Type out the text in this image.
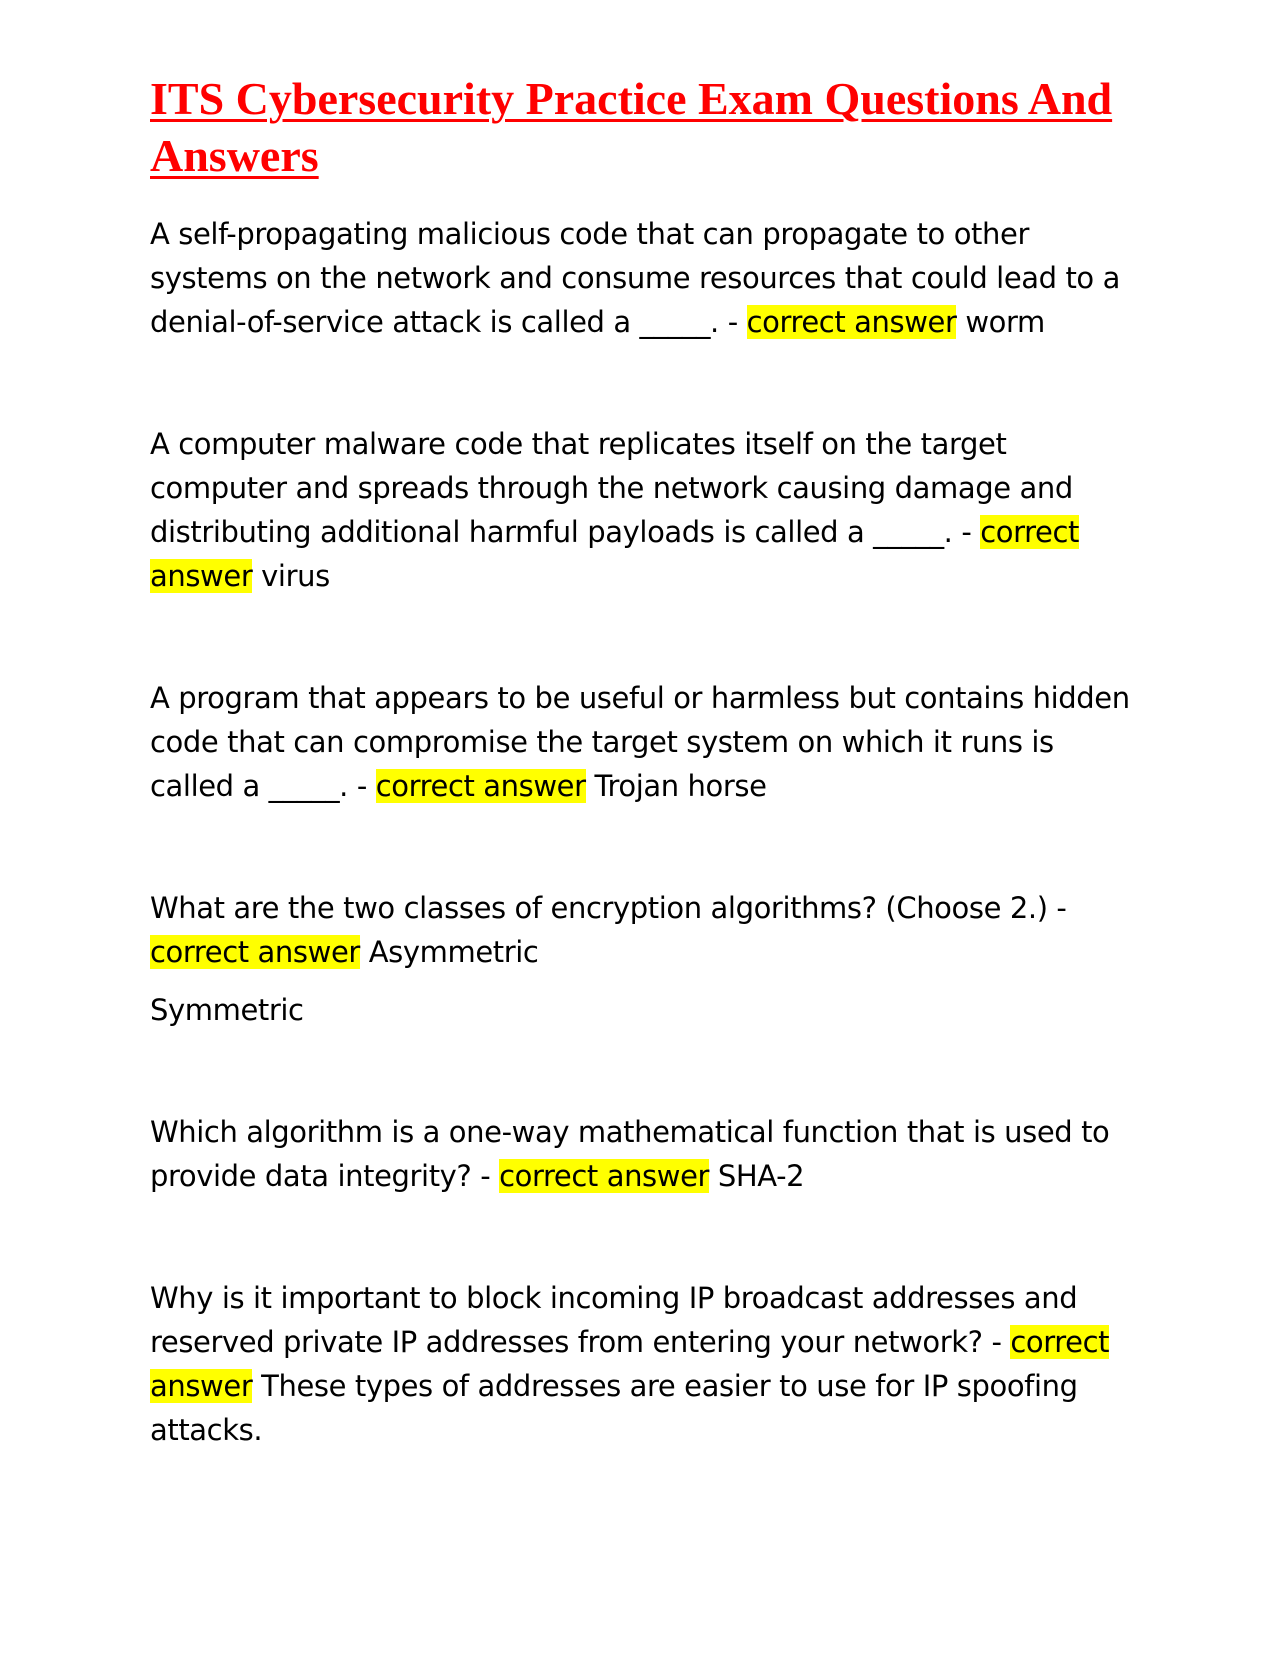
ITS Cybersecurity Practice Exam Questions And Answers

A self-propagating malicious code that can propagate to other systems on the network and consume resources that could lead to a denial-of-service attack is called a _____. - correct answer worm

A computer malware code that replicates itself on the target computer and spreads through the network causing damage and distributing additional harmful payloads is called a _____. - correct answer virus

A program that appears to be useful or harmless but contains hidden code that can compromise the target system on which it runs is called a _____. - correct answer Trojan horse

What are the two classes of encryption algorithms? (Choose 2.) - correct answer Asymmetric

Symmetric

Which algorithm is a one-way mathematical function that is used to provide data integrity? - correct answer SHA-2

Why is it important to block incoming IP broadcast addresses and reserved private IP addresses from entering your network? - correct answer These types of addresses are easier to use for IP spoofing attacks.
